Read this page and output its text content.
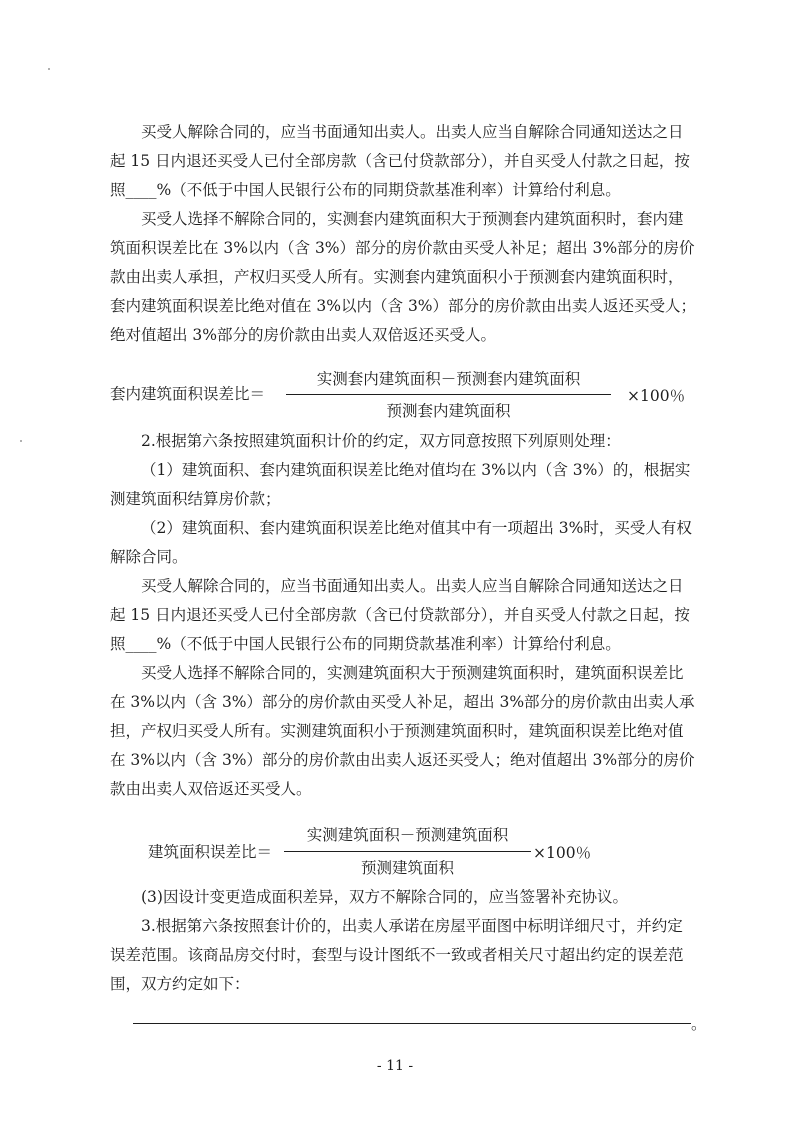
买受人解除合同的，应当书面通知出卖人。出卖人应当自解除合同通知送达之日
起 15 日内退还买受人已付全部房款（含已付贷款部分），并自买受人付款之日起，按
照____%（不低于中国人民银行公布的同期贷款基准利率）计算给付利息。
买受人选择不解除合同的，实测套内建筑面积大于预测套内建筑面积时，套内建
筑面积误差比在 3%以内（含 3%）部分的房价款由买受人补足；超出 3%部分的房价
款由出卖人承担，产权归买受人所有。实测套内建筑面积小于预测套内建筑面积时，
套内建筑面积误差比绝对值在 3%以内（含 3%）部分的房价款由出卖人返还买受人；
绝对值超出 3%部分的房价款由出卖人双倍返还买受人。
套内建筑面积误差比＝
实测套内建筑面积－预测套内建筑面积
预测套内建筑面积
×100％
2.根据第六条按照建筑面积计价的约定，双方同意按照下列原则处理：
（1）建筑面积、套内建筑面积误差比绝对值均在 3%以内（含 3%）的，根据实
测建筑面积结算房价款；
（2）建筑面积、套内建筑面积误差比绝对值其中有一项超出 3%时，买受人有权
解除合同。
买受人解除合同的，应当书面通知出卖人。出卖人应当自解除合同通知送达之日
起 15 日内退还买受人已付全部房款（含已付贷款部分），并自买受人付款之日起，按
照____%（不低于中国人民银行公布的同期贷款基准利率）计算给付利息。
买受人选择不解除合同的，实测建筑面积大于预测建筑面积时，建筑面积误差比
在 3%以内（含 3%）部分的房价款由买受人补足，超出 3%部分的房价款由出卖人承
担，产权归买受人所有。实测建筑面积小于预测建筑面积时，建筑面积误差比绝对值
在 3%以内（含 3%）部分的房价款由出卖人返还买受人；绝对值超出 3%部分的房价
款由出卖人双倍返还买受人。
建筑面积误差比＝
实测建筑面积－预测建筑面积
预测建筑面积
×100％
(3)因设计变更造成面积差异，双方不解除合同的，应当签署补充协议。
3.根据第六条按照套计价的，出卖人承诺在房屋平面图中标明详细尺寸，并约定
误差范围。该商品房交付时，套型与设计图纸不一致或者相关尺寸超出约定的误差范
围，双方约定如下：
。
- 11 -
